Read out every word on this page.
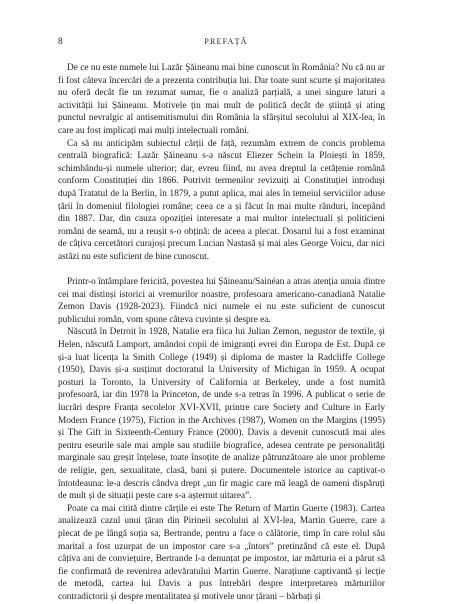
8	PREFAȚĂ

De ce nu este numele lui Lazăr Şăineanu mai bine cunoscut în România? Nu că nu ar fi fost câteva încercări de a prezenta contribuția lui. Dar toate sunt scurte și majoritatea nu oferă decât fie un rezumat sumar, fie o analiză parțială, a unei singure laturi a activității lui Șăineanu. Motivele țin mai mult de politică decât de știință și ating punctul nevralgic al antisemitismului din România la sfârșitul secolului al XIX-lea, în care au fost implicați mai mulți intelectuali români.

Ca să nu anticipăm subiectul cărții de față, rezumăm extrem de concis problema centrală biografică: Lazăr Șăineanu s-a născut Eliezer Schein la Ploiești în 1859, schimbându-și numele ulterior; dar, evreu fiind, nu avea dreptul la cetățenie română conform Constituției din 1866. Potrivit termenilor revizuiți ai Constituției introduși după Tratatul de la Berlin, în 1879, a putut aplica, mai ales în temeiul serviciilor aduse țării în domeniul filologiei române; ceea ce a și făcut în mai multe rânduri, începând din 1887. Dar, din cauza opoziției interesate a mai multor intelectuali și politicieni români de seamă, nu a reușit s-o obțină: de aceea a plecat. Dosarul lui a fost examinat de câțiva cercetători curajoși precum Lucian Nastasă și mai ales George Voicu, dar nici astăzi nu este suficient de bine cunoscut.

Printr-o întâmplare fericită, povestea lui Șăineanu/Sainéan a atras atenția unuia dintre cei mai distinși istorici ai vremurilor noastre, profesoara americano-canadiană Natalie Zemon Davis (1928-2023). Fiindcă nici numele ei nu este suficient de cunoscut publicului român, vom spune câteva cuvinte și despre ea.

Născută în Detroit în 1928, Natalie era fiica lui Julian Zemon, negustor de textile, și Helen, născută Lamport, amândoi copii de imigranți evrei din Europa de Est. După ce și-a luat licența la Smith College (1949) și diploma de master la Radcliffe College (1950), Davis și-a susținut doctoratul la University of Michigan în 1959. A ocupat posturi la Toronto, la University of California at Berkeley, unde a fost numită profesoară, iar din 1978 la Princeton, de unde s-a retras în 1996. A publicat o serie de lucrări despre Franța secolelor XVI-XVII, printre care Society and Culture in Early Modern France (1975), Fiction in the Archives (1987), Women on the Margins (1995) și The Gift in Sixteenth-Century France (2000). Davis a devenit cunoscută mai ales pentru eseurile sale mai ample sau studiile biografice, adesea centrate pe personalități marginale sau greșit înțelese, toate însoțite de analize pătrunzătoare ale unor probleme de religie, gen, sexualitate, clasă, bani și putere. Documentele istorice au captivat-o întotdeauna: le-a descris cândva drept „un fir magic care mă leagă de oameni dispăruți de mult și de situații peste care s-a așternut uitarea”.

Poate ca mai citită dintre cărțile ei este The Return of Martin Guerre (1983). Cartea analizează cazul unui țăran din Pirineii secolului al XVI-lea, Martin Guerre, care a plecat de pe lângă soția sa, Bertrande, pentru a face o călătorie, timp în care rolul său marital a fost uzurpat de un impostor care s-a „întors” pretinzând că este el. După câțiva ani de conviețuire, Bertrande l-a denunțat pe impostor, iar mărturia ei a părut să fie confirmată de revenirea adevăratului Martin Guerre. Narațiune captivantă și lecție de metodă, cartea lui Davis a pus întrebări despre interpretarea mărturiilor contradictorii și despre mentalitatea și motivele unor țărani – bărbați și
